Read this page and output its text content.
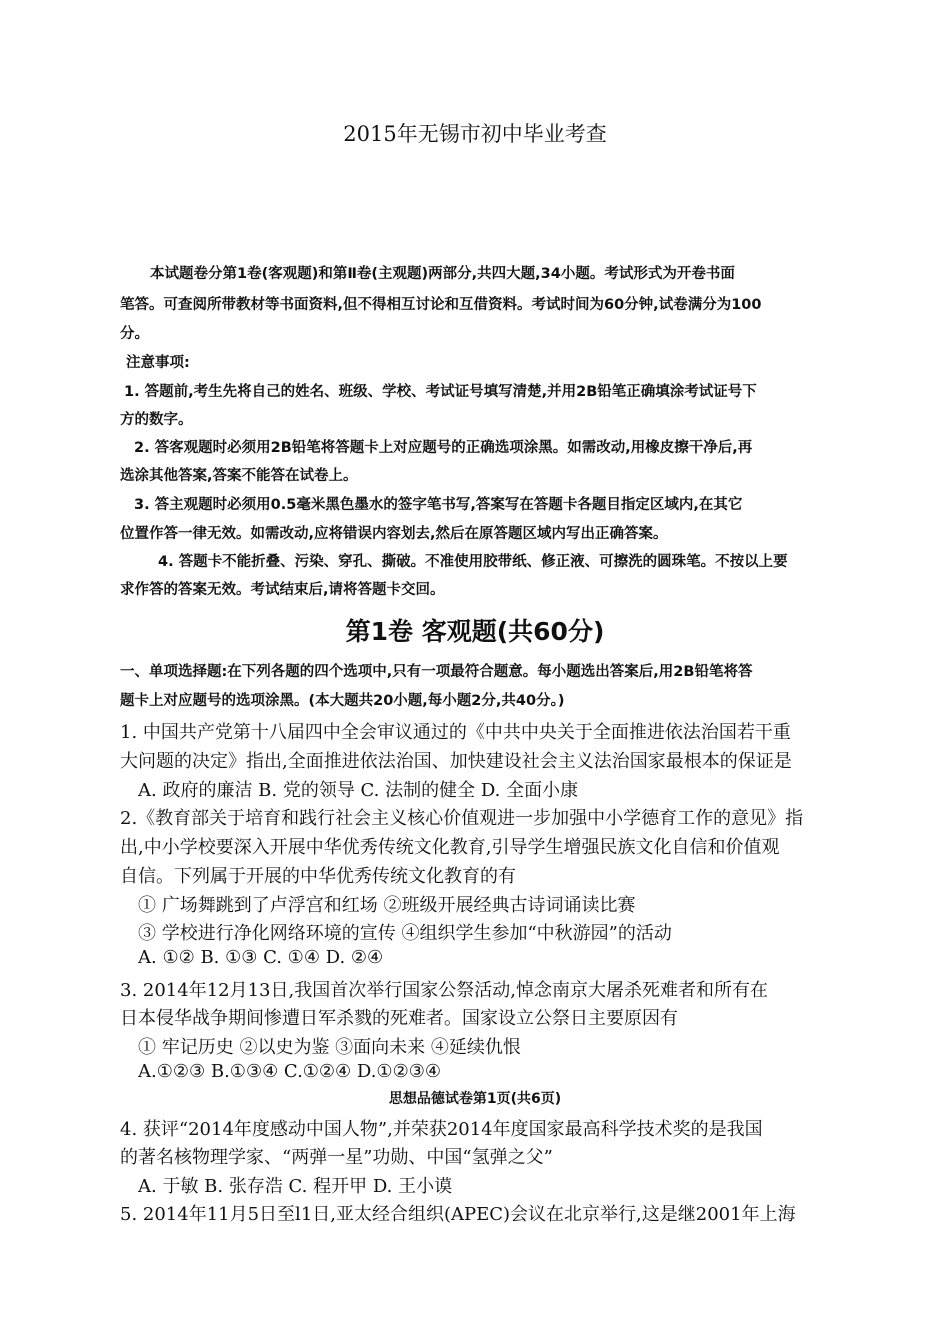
2015年无锡市初中毕业考查
本试题卷分第1卷(客观题)和第Ⅱ卷(主观题)两部分,共四大题,34小题。考试形式为开卷书面
笔答。可查阅所带教材等书面资料,但不得相互讨论和互借资料。考试时间为60分钟,试卷满分为100
分。
注意事项:
1. 答题前,考生先将自己的姓名、班级、学校、考试证号填写清楚,并用2B铅笔正确填涂考试证号下
方的数字。
2. 答客观题时必须用2B铅笔将答题卡上对应题号的正确选项涂黑。如需改动,用橡皮擦干净后,再
选涂其他答案,答案不能答在试卷上。
3. 答主观题时必须用0.5毫米黑色墨水的签字笔书写,答案写在答题卡各题目指定区域内,在其它
位置作答一律无效。如需改动,应将错误内容划去,然后在原答题区域内写出正确答案。
4. 答题卡不能折叠、污染、穿孔、撕破。不准使用胶带纸、修正液、可擦洗的圆珠笔。不按以上要
求作答的答案无效。考试结束后,请将答题卡交回。
第1卷 客观题(共60分)
一、单项选择题:在下列各题的四个选项中,只有一项最符合题意。每小题选出答案后,用2B铅笔将答
题卡上对应题号的选项涂黑。(本大题共20小题,每小题2分,共40分。)
1. 中国共产党第十八届四中全会审议通过的《中共中央关于全面推进依法治国若干重
大问题的决定》指出,全面推进依法治国、加快建设社会主义法治国家最根本的保证是
A. 政府的廉洁 B. 党的领导 C. 法制的健全 D. 全面小康
2.《教育部关于培育和践行社会主义核心价值观进一步加强中小学德育工作的意见》指
出,中小学校要深入开展中华优秀传统文化教育,引导学生增强民族文化自信和价值观
自信。下列属于开展的中华优秀传统文化教育的有
① 广场舞跳到了卢浮宫和红场 ②班级开展经典古诗词诵读比赛
③ 学校进行净化网络环境的宣传 ④组织学生参加“中秋游园”的活动
A. ①② B. ①③ C. ①④ D. ②④
3. 2014年12月13日,我国首次举行国家公祭活动,悼念南京大屠杀死难者和所有在
日本侵华战争期间惨遭日军杀戮的死难者。国家设立公祭日主要原因有
① 牢记历史 ②以史为鉴 ③面向未来 ④延续仇恨
A.①②③ B.①③④ C.①②④ D.①②③④
思想品德试卷第1页(共6页)
4. 获评“2014年度感动中国人物”,并荣获2014年度国家最高科学技术奖的是我国
的著名核物理学家、“两弹一星”功勋、中国“氢弹之父”
A. 于敏 B. 张存浩 C. 程开甲 D. 王小谟
5. 2014年11月5日至l1日,亚太经合组织(APEC)会议在北京举行,这是继2001年上海
